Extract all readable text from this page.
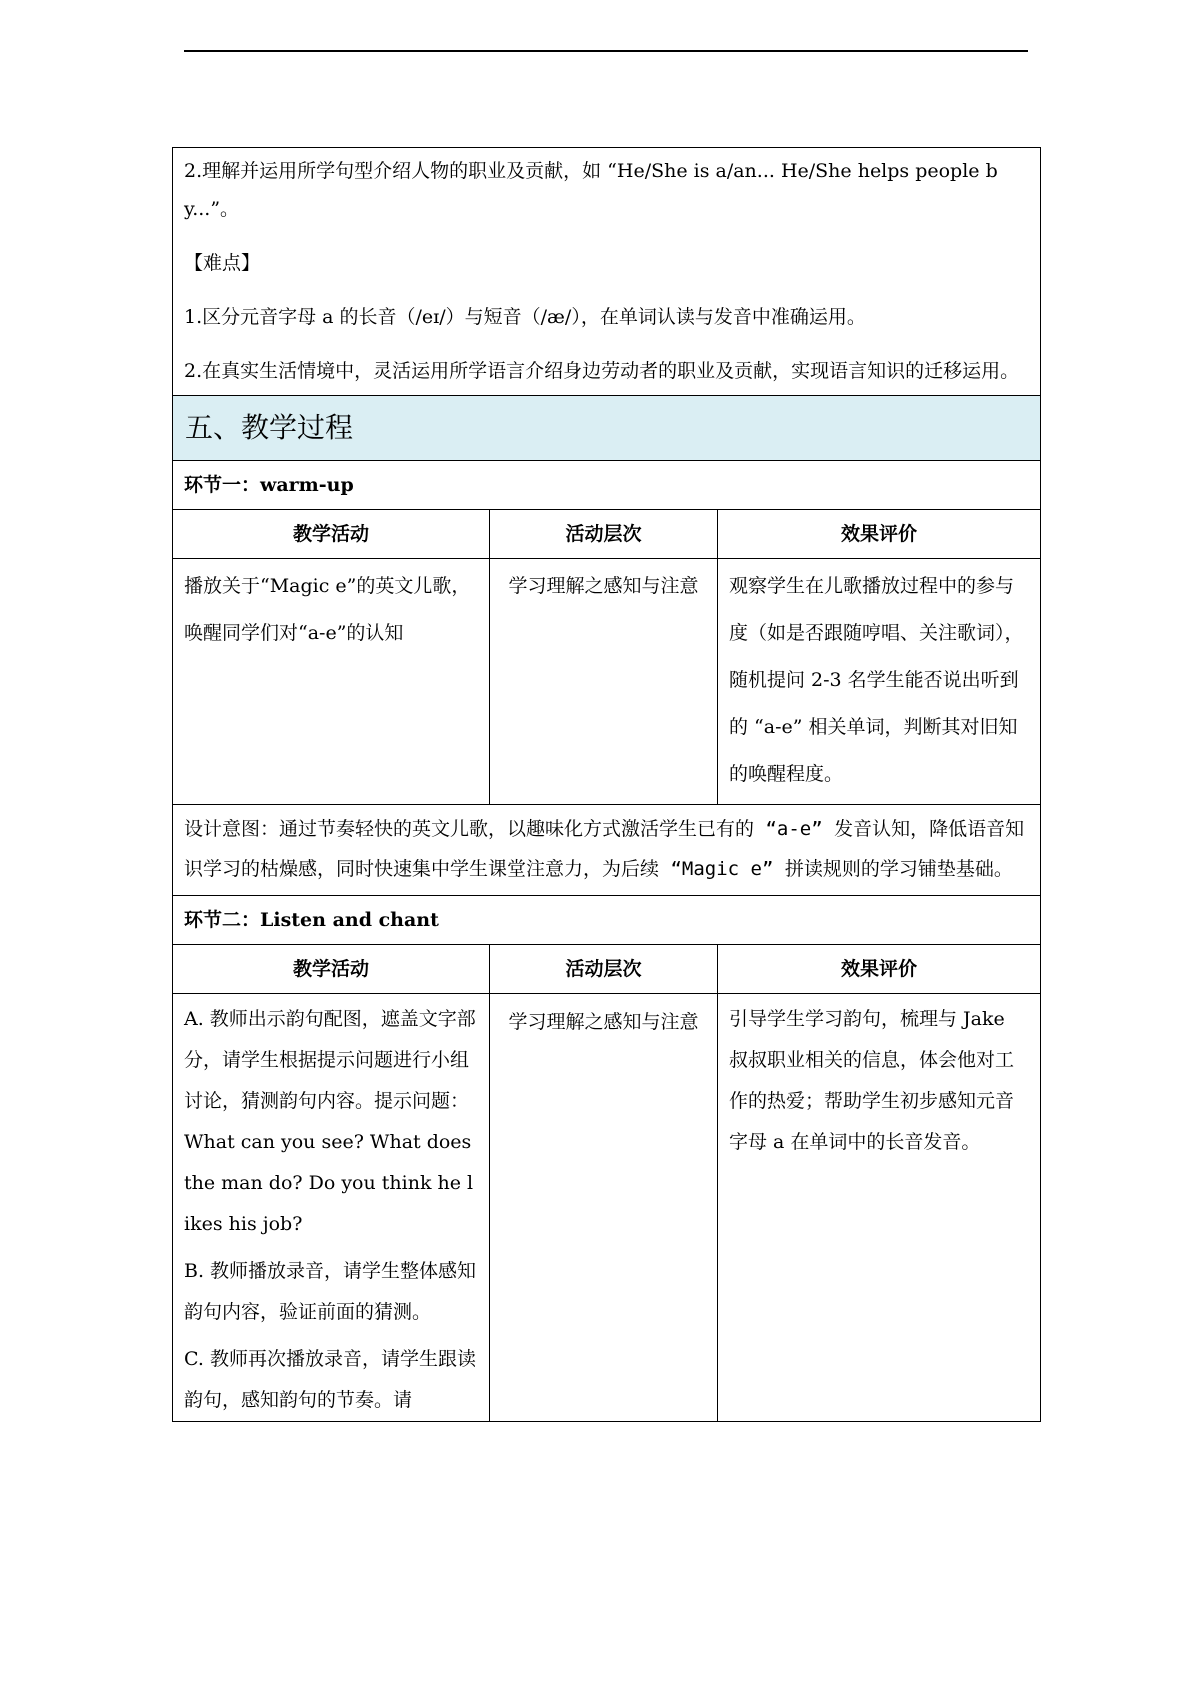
2.理解并运用所学句型介绍人物的职业及贡献，如 “He/She is a/an... He/She helps people by...”。

【难点】

1.区分元音字母 a 的长音（/eɪ/）与短音（/æ/），在单词认读与发音中准确运用。

2.在真实生活情境中，灵活运用所学语言介绍身边劳动者的职业及贡献，实现语言知识的迁移运用。		

五、教学过程		
环节一：warm-up		
教学活动	活动层次	效果评价
播放关于“Magic e”的英文儿歌，唤醒同学们对“a-e”的认知	学习理解之感知与注意	观察学生在儿歌播放过程中的参与度（如是否跟随哼唱、关注歌词），随机提问 2-3 名学生能否说出听到的 “a-e” 相关单词，判断其对旧知的唤醒程度。
设计意图：通过节奏轻快的英文儿歌，以趣味化方式激活学生已有的 “a-e” 发音认知，降低语音知识学习的枯燥感，同时快速集中学生课堂注意力，为后续 “Magic e” 拼读规则的学习铺垫基础。		
环节二：Listen and chant		
教学活动	活动层次	效果评价

A. 教师出示韵句配图，遮盖文字部分，请学生根据提示问题进行小组讨论，猜测韵句内容。提示问题：What can you see? What does the man do? Do you think he likes his job?

B. 教师播放录音，请学生整体感知韵句内容，验证前面的猜测。

C. 教师再次播放录音，请学生跟读韵句，感知韵句的节奏。请	学习理解之感知与注意	引导学生学习韵句，梳理与 Jake 叔叔职业相关的信息，体会他对工作的热爱；帮助学生初步感知元音字母 a 在单词中的长音发音。
